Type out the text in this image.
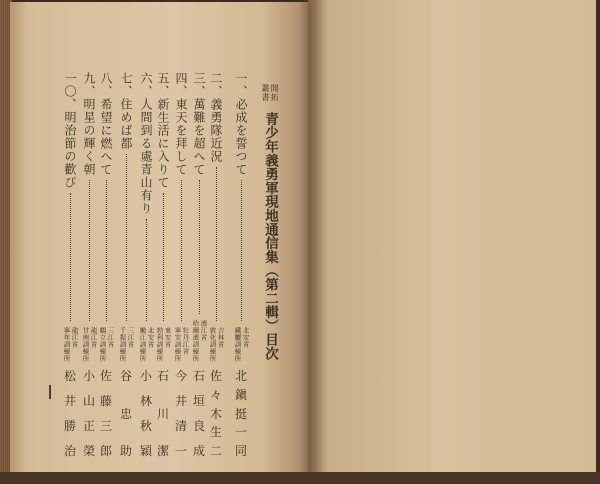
開拓
叢書
青少年義勇軍現地通信集（第二輯）目次
一、必成を誓つて
北安省
鐵驪訓練所
北
鎭
挺
一
同
二、義勇隊近況
吉林省
敦化訓練所
佐
々
木
生
二
三、萬難を超へて
濱江省
哈爾濱訓練所
石
垣
良
成
四、東天を拜して
牡丹江省
寧安訓練所
今
井
清
一
五、新生活に入りて
東安省
勃利訓練所
石
川
潔
六、人間到る處青山有り
北安省
嫩江訓練所
小
林
秋
穎
七、住めば都
三江省
千振訓練所
谷
忠
助
八、希望に燃へて
三江省
鶴立訓練所
佐
藤
三
郎
九、明星の輝く朝
龍江省
甘南訓練所
小
山
正
榮
一〇、明治節の歡び
龍江省
寧年訓練所
松
井
勝
治
